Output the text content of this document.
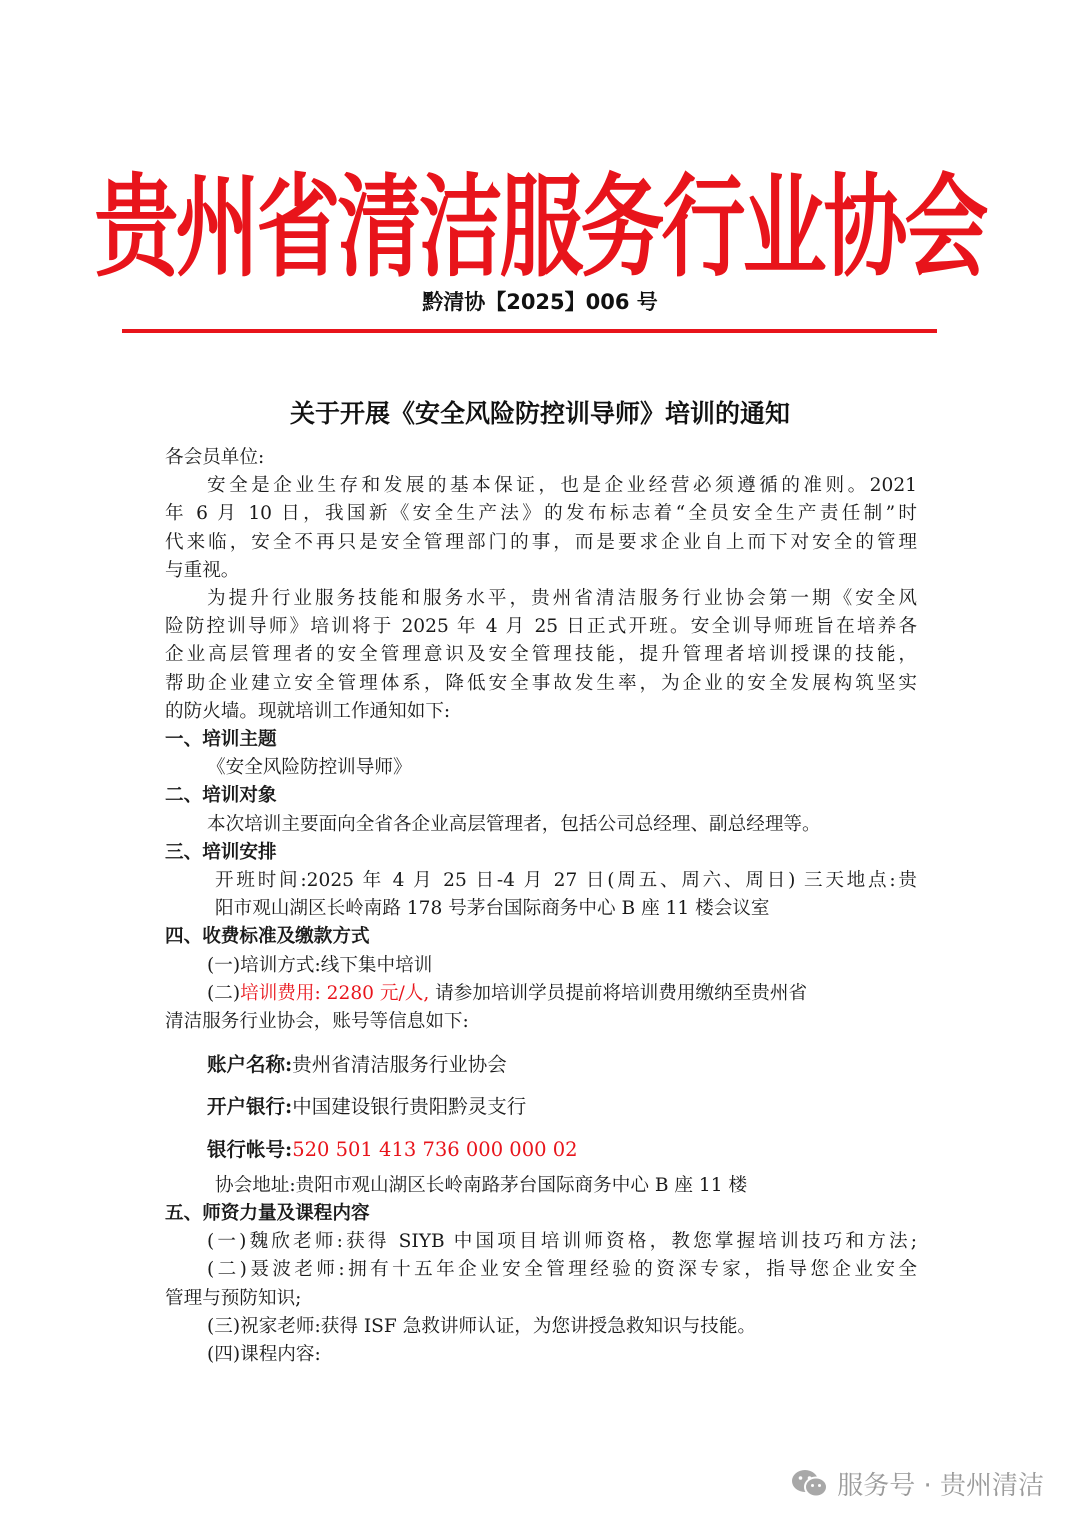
贵州省清洁服务行业协会
黔清协【2025】006 号
关于开展《安全风险防控训导师》培训的通知
各会员单位:
安全是企业生存和发展的基本保证，也是企业经营必须遵循的准则。2021
年 6 月 10 日，我国新《安全生产法》的发布标志着“全员安全生产责任制”时
代来临，安全不再只是安全管理部门的事，而是要求企业自上而下对安全的管理
与重视。
为提升行业服务技能和服务水平，贵州省清洁服务行业协会第一期《安全风
险防控训导师》培训将于 2025 年 4 月 25 日正式开班。安全训导师班旨在培养各
企业高层管理者的安全管理意识及安全管理技能，提升管理者培训授课的技能，
帮助企业建立安全管理体系，降低安全事故发生率，为企业的安全发展构筑坚实
的防火墙。现就培训工作通知如下:
一、培训主题
《安全风险防控训导师》
二、培训对象
本次培训主要面向全省各企业高层管理者，包括公司总经理、副总经理等。
三、培训安排
开班时间:2025 年 4 月 25 日-4 月 27 日(周五、周六、周日) 三天地点:贵
阳市观山湖区长岭南路 178 号茅台国际商务中心 B 座 11 楼会议室
四、收费标准及缴款方式
(一)培训方式:线下集中培训
(二)培训费用: 2280 元/人, 请参加培训学员提前将培训费用缴纳至贵州省
清洁服务行业协会，账号等信息如下:
账户名称:贵州省清洁服务行业协会
开户银行:中国建设银行贵阳黔灵支行
银行帐号:520 501 413 736 000 000 02
协会地址:贵阳市观山湖区长岭南路茅台国际商务中心 B 座 11 楼
五、师资力量及课程内容
(一)魏欣老师:获得 SIYB 中国项目培训师资格，教您掌握培训技巧和方法;
(二)聂波老师:拥有十五年企业安全管理经验的资深专家，指导您企业安全
管理与预防知识;
(三)祝家老师:获得 ISF 急救讲师认证，为您讲授急救知识与技能。
(四)课程内容:
服务号 · 贵州清洁
